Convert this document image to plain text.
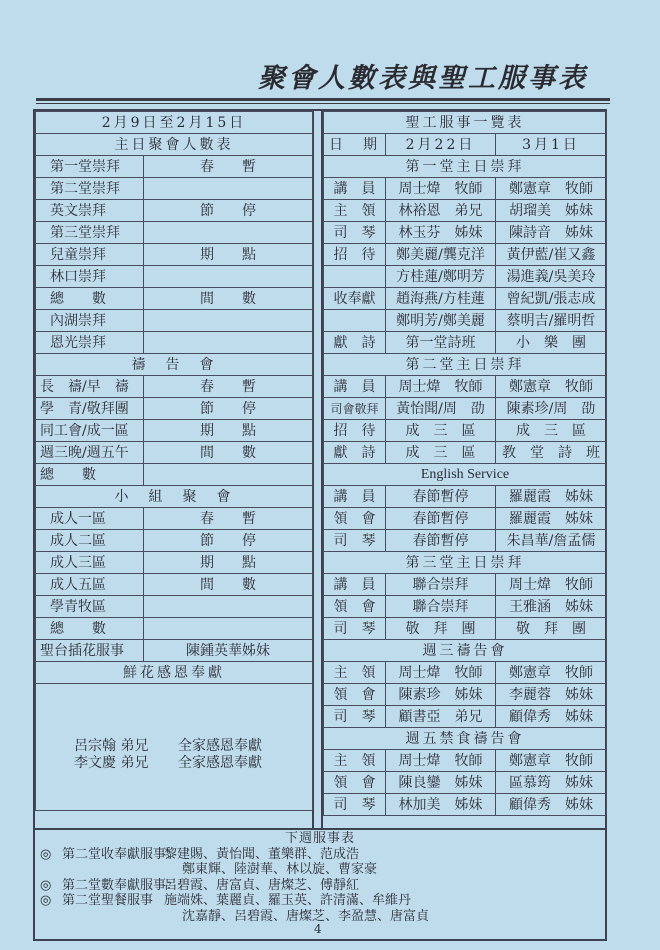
聚會人數表與聖工服事表
2月9日至2月15日	
主日聚會人數表	
第一堂崇拜	春　　暫
第二堂崇拜	
英文崇拜	節　　停
第三堂崇拜	
兒童崇拜	期　　點
林口崇拜	
總　　數	間　　數
內湖崇拜	
恩光崇拜	
禱　告　會	
長　禱/早　禱	春　　暫
學　青/敬拜團	節　　停
同工會/成一區	期　　點
週三晚/週五午	間　　數
總　　數	
小　組　聚　會	
成人一區	春　　暫
成人二區	節　　停
成人三區	期　　點
成人五區	間　　數
學青牧區	
總　　數	
聖台插花服事	陳鍾英華姊妹
鮮花感恩奉獻	

呂宗翰 弟兄 全家感恩奉獻
李文慶 弟兄 全家感恩奉獻
聖工服事一覽表		
日　期	2月22日	3月1日
第一堂主日崇拜		
講　員	周士煒　牧師	鄭憲章　牧師
主　領	林裕恩　弟兄	胡瑠美　姊妹
司　琴	林玉芬　姊妹	陳詩音　姊妹
招　待	鄭美麗/龔克洋	黃伊藍/崔又鑫
	方桂蓮/鄭明芳	湯進義/吳美玲
收奉獻	趙海燕/方桂蓮	曾紀凱/張志成
	鄭明芳/鄭美麗	蔡明吉/羅明哲
獻　詩	第一堂詩班	小　樂　團
第二堂主日崇拜		
講　員	周士煒　牧師	鄭憲章　牧師
司會敬拜	黃怡聞/周　劭	陳素珍/周　劭
招　待	成　三　區	成　三　區
獻　詩	成　三　區	教　堂　詩　班
English Service		
講　員	春節暫停	羅麗霞　姊妹
領　會	春節暫停	羅麗霞　姊妹
司　琴	春節暫停	朱昌華/詹孟儒
第三堂主日崇拜		
講　員	聯合崇拜	周士煒　牧師
領　會	聯合崇拜	王雅涵　姊妹
司　琴	敬　拜　團	敬　拜　團
週三禱告會		
主　領	周士煒　牧師	鄭憲章　牧師
領　會	陳素珍　姊妹	李麗蓉　姊妹
司　琴	顧書亞　弟兄	顧偉秀　姊妹
週五禁食禱告會		
主　領	周士煒　牧師	鄭憲章　牧師
領　會	陳良鑾　姊妹	區慕筠　姊妹
司　琴	林加美　姊妹	顧偉秀　姊妹
下週服事表
◎ 第二堂收奉獻服事：黎建賜、黃怡聞、董樂群、范成浩
鄭東輝、陸澍華、林以旋、曹家豪
◎ 第二堂數奉獻服事：呂碧霞、唐富貞、唐燦芝、傅靜紅
◎ 第二堂聖餐服事 施端姝、葉麗貞、羅玉英、許清滿、牟維丹
沈嘉靜、呂碧霞、唐燦芝、李盈慧、唐富貞
4
